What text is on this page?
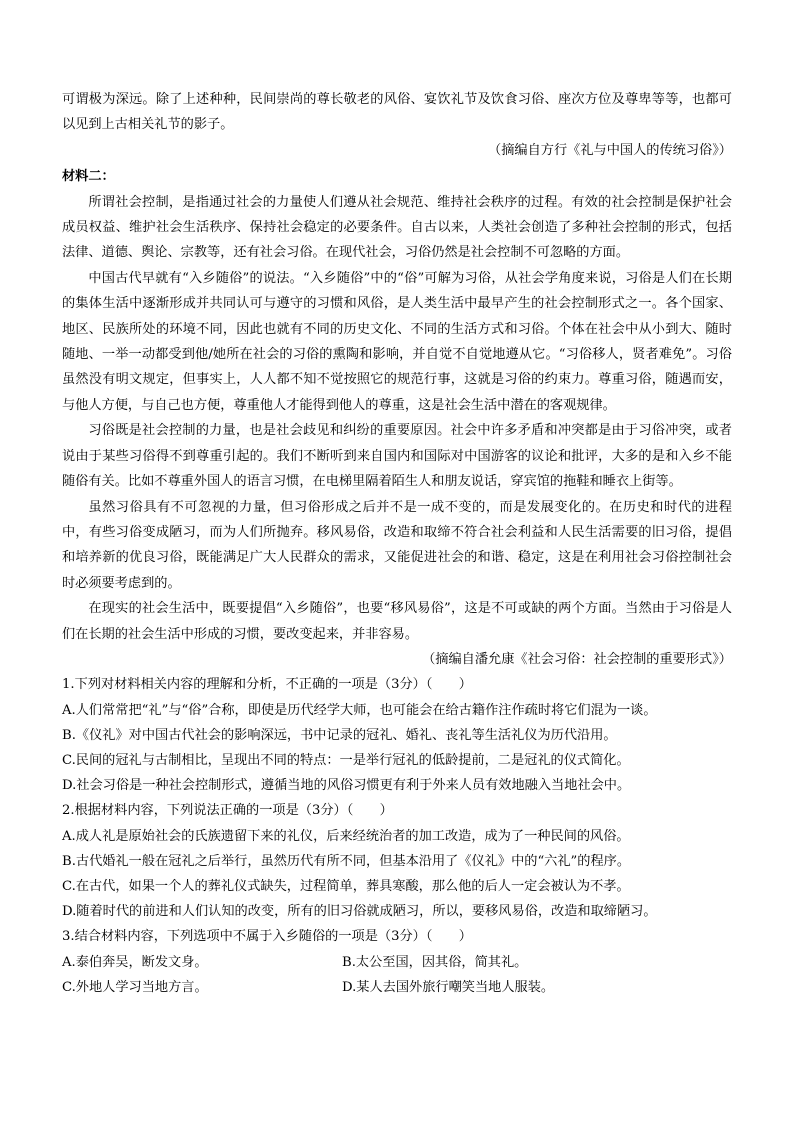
可谓极为深远。除了上述种种，民间崇尚的尊长敬老的风俗、宴饮礼节及饮食习俗、座次方位及尊卑等等，也都可以见到上古相关礼节的影子。

（摘编自方行《礼与中国人的传统习俗》）

材料二：

所谓社会控制，是指通过社会的力量使人们遵从社会规范、维持社会秩序的过程。有效的社会控制是保护社会成员权益、维护社会生活秩序、保持社会稳定的必要条件。自古以来，人类社会创造了多种社会控制的形式，包括法律、道德、舆论、宗教等，还有社会习俗。在现代社会，习俗仍然是社会控制不可忽略的方面。

中国古代早就有“入乡随俗”的说法。“入乡随俗”中的“俗”可解为习俗，从社会学角度来说，习俗是人们在长期的集体生活中逐渐形成并共同认可与遵守的习惯和风俗，是人类生活中最早产生的社会控制形式之一。各个国家、地区、民族所处的环境不同，因此也就有不同的历史文化、不同的生活方式和习俗。个体在社会中从小到大、随时随地、一举一动都受到他/她所在社会的习俗的熏陶和影响，并自觉不自觉地遵从它。“习俗移人，贤者难免”。习俗虽然没有明文规定，但事实上，人人都不知不觉按照它的规范行事，这就是习俗的约束力。尊重习俗，随遇而安，与他人方便，与自己也方便，尊重他人才能得到他人的尊重，这是社会生活中潜在的客观规律。

习俗既是社会控制的力量，也是社会歧见和纠纷的重要原因。社会中许多矛盾和冲突都是由于习俗冲突，或者说由于某些习俗得不到尊重引起的。我们不断听到来自国内和国际对中国游客的议论和批评，大多的是和入乡不能随俗有关。比如不尊重外国人的语言习惯，在电梯里隔着陌生人和朋友说话，穿宾馆的拖鞋和睡衣上街等。

虽然习俗具有不可忽视的力量，但习俗形成之后并不是一成不变的，而是发展变化的。在历史和时代的进程中，有些习俗变成陋习，而为人们所抛弃。移风易俗，改造和取缔不符合社会利益和人民生活需要的旧习俗，提倡和培养新的优良习俗，既能满足广大人民群众的需求，又能促进社会的和谐、稳定，这是在利用社会习俗控制社会时必须要考虑到的。

在现实的社会生活中，既要提倡“入乡随俗”，也要“移风易俗”，这是不可或缺的两个方面。当然由于习俗是人们在长期的社会生活中形成的习惯，要改变起来，并非容易。

（摘编自潘允康《社会习俗：社会控制的重要形式》）

1.下列对材料相关内容的理解和分析，不正确的一项是（3分）（　　）

A.人们常常把“礼”与“俗”合称，即使是历代经学大师，也可能会在给古籍作注作疏时将它们混为一谈。

B.《仪礼》对中国古代社会的影响深远，书中记录的冠礼、婚礼、丧礼等生活礼仪为历代沿用。

C.民间的冠礼与古制相比，呈现出不同的特点：一是举行冠礼的低龄提前，二是冠礼的仪式简化。

D.社会习俗是一种社会控制形式，遵循当地的风俗习惯更有利于外来人员有效地融入当地社会中。

2.根据材料内容，下列说法正确的一项是（3分）（　　）

A.成人礼是原始社会的氏族遗留下来的礼仪，后来经统治者的加工改造，成为了一种民间的风俗。

B.古代婚礼一般在冠礼之后举行，虽然历代有所不同，但基本沿用了《仪礼》中的“六礼”的程序。

C.在古代，如果一个人的葬礼仪式缺失，过程简单，葬具寒酸，那么他的后人一定会被认为不孝。

D.随着时代的前进和人们认知的改变，所有的旧习俗就成陋习，所以，要移风易俗，改造和取缔陋习。

3.结合材料内容，下列选项中不属于入乡随俗的一项是（3分）（　　）

A.泰伯奔吴，断发文身。	B.太公至国，因其俗，简其礼。

C.外地人学习当地方言。	D.某人去国外旅行嘲笑当地人服装。
